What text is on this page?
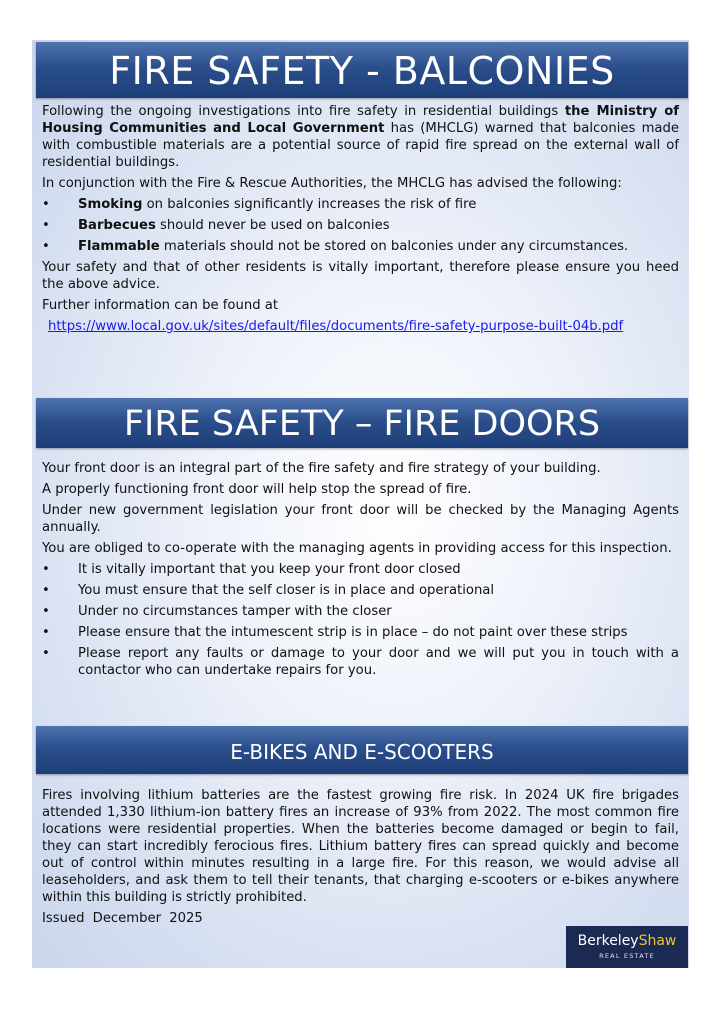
FIRE SAFETY - BALCONIES

Following the ongoing investigations into fire safety in residential buildings the Ministry of Housing Communities and Local Government has (MHCLG) warned that balconies made with combustible materials are a potential source of rapid fire spread on the external wall of residential buildings.

In conjunction with the Fire & Rescue Authorities, the MHCLG has advised the following:

• Smoking on balconies significantly increases the risk of fire
• Barbecues should never be used on balconies
• Flammable materials should not be stored on balconies under any circumstances.

Your safety and that of other residents is vitally important, therefore please ensure you heed the above advice.

Further information can be found at

https://www.local.gov.uk/sites/default/files/documents/fire-safety-purpose-built-04b.pdf

FIRE SAFETY – FIRE DOORS

Your front door is an integral part of the fire safety and fire strategy of your building.

A properly functioning front door will help stop the spread of fire.

Under new government legislation your front door will be checked by the Managing Agents annually.

You are obliged to co-operate with the managing agents in providing access for this inspection.

• It is vitally important that you keep your front door closed
• You must ensure that the self closer is in place and operational
• Under no circumstances tamper with the closer
• Please ensure that the intumescent strip is in place – do not paint over these strips
• Please report any faults or damage to your door and we will put you in touch with a contactor who can undertake repairs for you.
E-BIKES AND E-SCOOTERS

Fires involving lithium batteries are the fastest growing fire risk. In 2024 UK fire brigades attended 1,330 lithium-ion battery fires an increase of 93% from 2022. The most common fire locations were residential properties. When the batteries become damaged or begin to fail, they can start incredibly ferocious fires. Lithium battery fires can spread quickly and become out of control within minutes resulting in a large fire. For this reason, we would advise all leaseholders, and ask them to tell their tenants, that charging e-scooters or e-bikes anywhere within this building is strictly prohibited.

Issued December 2025

BerkeleyShaw
REAL ESTATE
